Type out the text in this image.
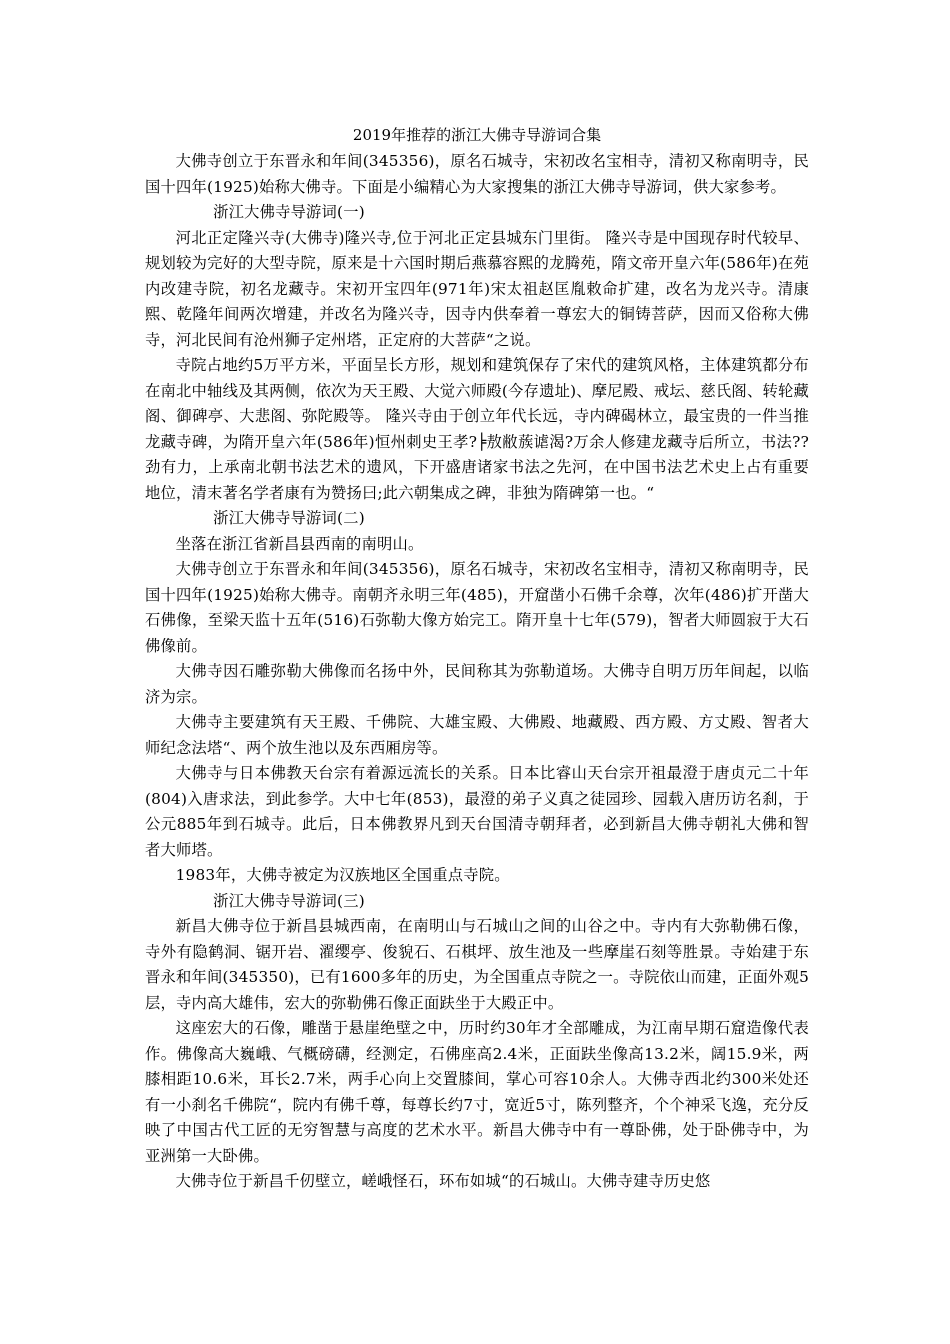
2019年推荐的浙江大佛寺导游词合集

大佛寺创立于东晋永和年间(345356)，原名石城寺，宋初改名宝相寺，清初又称南明寺，民国十四年(1925)始称大佛寺。下面是小编精心为大家搜集的浙江大佛寺导游词，供大家参考。

浙江大佛寺导游词(一)

河北正定隆兴寺(大佛寺)隆兴寺,位于河北正定县城东门里街。 隆兴寺是中国现存时代较早、规划较为完好的大型寺院，原来是十六国时期后燕慕容熙的龙腾苑，隋文帝开皇六年(586年)在苑内改建寺院，初名龙藏寺。宋初开宝四年(971年)宋太祖赵匡胤敕命扩建，改名为龙兴寺。清康熙、乾隆年间两次增建，并改名为隆兴寺，因寺内供奉着一尊宏大的铜铸菩萨，因而又俗称大佛寺，河北民间有沧州狮子定州塔，正定府的大菩萨“之说。

寺院占地约5万平方米，平面呈长方形，规划和建筑保存了宋代的建筑风格，主体建筑都分布在南北中轴线及其两侧，依次为天王殿、大觉六师殿(今存遗址)、摩尼殿、戒坛、慈氏阁、转轮藏阁、御碑亭、大悲阁、弥陀殿等。 隆兴寺由于创立年代长远，寺内碑碣林立，最宝贵的一件当推龙藏寺碑，为隋开皇六年(586年)恒州刺史王孝?╞敖敝蔟谑渴?万余人修建龙藏寺后所立，书法??劲有力，上承南北朝书法艺术的遗风，下开盛唐诸家书法之先河，在中国书法艺术史上占有重要地位，清末著名学者康有为赞扬曰;此六朝集成之碑，非独为隋碑第一也。“

浙江大佛寺导游词(二)

坐落在浙江省新昌县西南的南明山。

大佛寺创立于东晋永和年间(345356)，原名石城寺，宋初改名宝相寺，清初又称南明寺，民国十四年(1925)始称大佛寺。南朝齐永明三年(485)，开窟凿小石佛千余尊，次年(486)扩开凿大石佛像，至梁天监十五年(516)石弥勒大像方始完工。隋开皇十七年(579)，智者大师圆寂于大石佛像前。

大佛寺因石雕弥勒大佛像而名扬中外，民间称其为弥勒道场。大佛寺自明万历年间起，以临济为宗。

大佛寺主要建筑有天王殿、千佛院、大雄宝殿、大佛殿、地藏殿、西方殿、方丈殿、智者大师纪念法塔“、两个放生池以及东西厢房等。

大佛寺与日本佛教天台宗有着源远流长的关系。日本比睿山天台宗开祖最澄于唐贞元二十年(804)入唐求法，到此参学。大中七年(853)，最澄的弟子义真之徒园珍、园载入唐历访名刹，于公元885年到石城寺。此后，日本佛教界凡到天台国清寺朝拜者，必到新昌大佛寺朝礼大佛和智者大师塔。

1983年，大佛寺被定为汉族地区全国重点寺院。

浙江大佛寺导游词(三)

新昌大佛寺位于新昌县城西南，在南明山与石城山之间的山谷之中。寺内有大弥勒佛石像，寺外有隐鹤洞、锯开岩、濯缨亭、俊貌石、石棋坪、放生池及一些摩崖石刻等胜景。寺始建于东晋永和年间(345350)，已有1600多年的历史，为全国重点寺院之一。寺院依山而建，正面外观5层，寺内高大雄伟，宏大的弥勒佛石像正面趺坐于大殿正中。

这座宏大的石像，雕凿于悬崖绝壁之中，历时约30年才全部雕成，为江南早期石窟造像代表作。佛像高大巍峨、气概磅礴，经测定，石佛座高2.4米，正面趺坐像高13.2米，阔15.9米，两膝相距10.6米，耳长2.7米，两手心向上交置膝间，掌心可容10余人。大佛寺西北约300米处还有一小刹名千佛院“，院内有佛千尊，每尊长约7寸，宽近5寸，陈列整齐，个个神采飞逸，充分反映了中国古代工匠的无穷智慧与高度的艺术水平。新昌大佛寺中有一尊卧佛，处于卧佛寺中，为亚洲第一大卧佛。

大佛寺位于新昌千仞壁立，嵯峨怪石，环布如城“的石城山。大佛寺建寺历史悠
